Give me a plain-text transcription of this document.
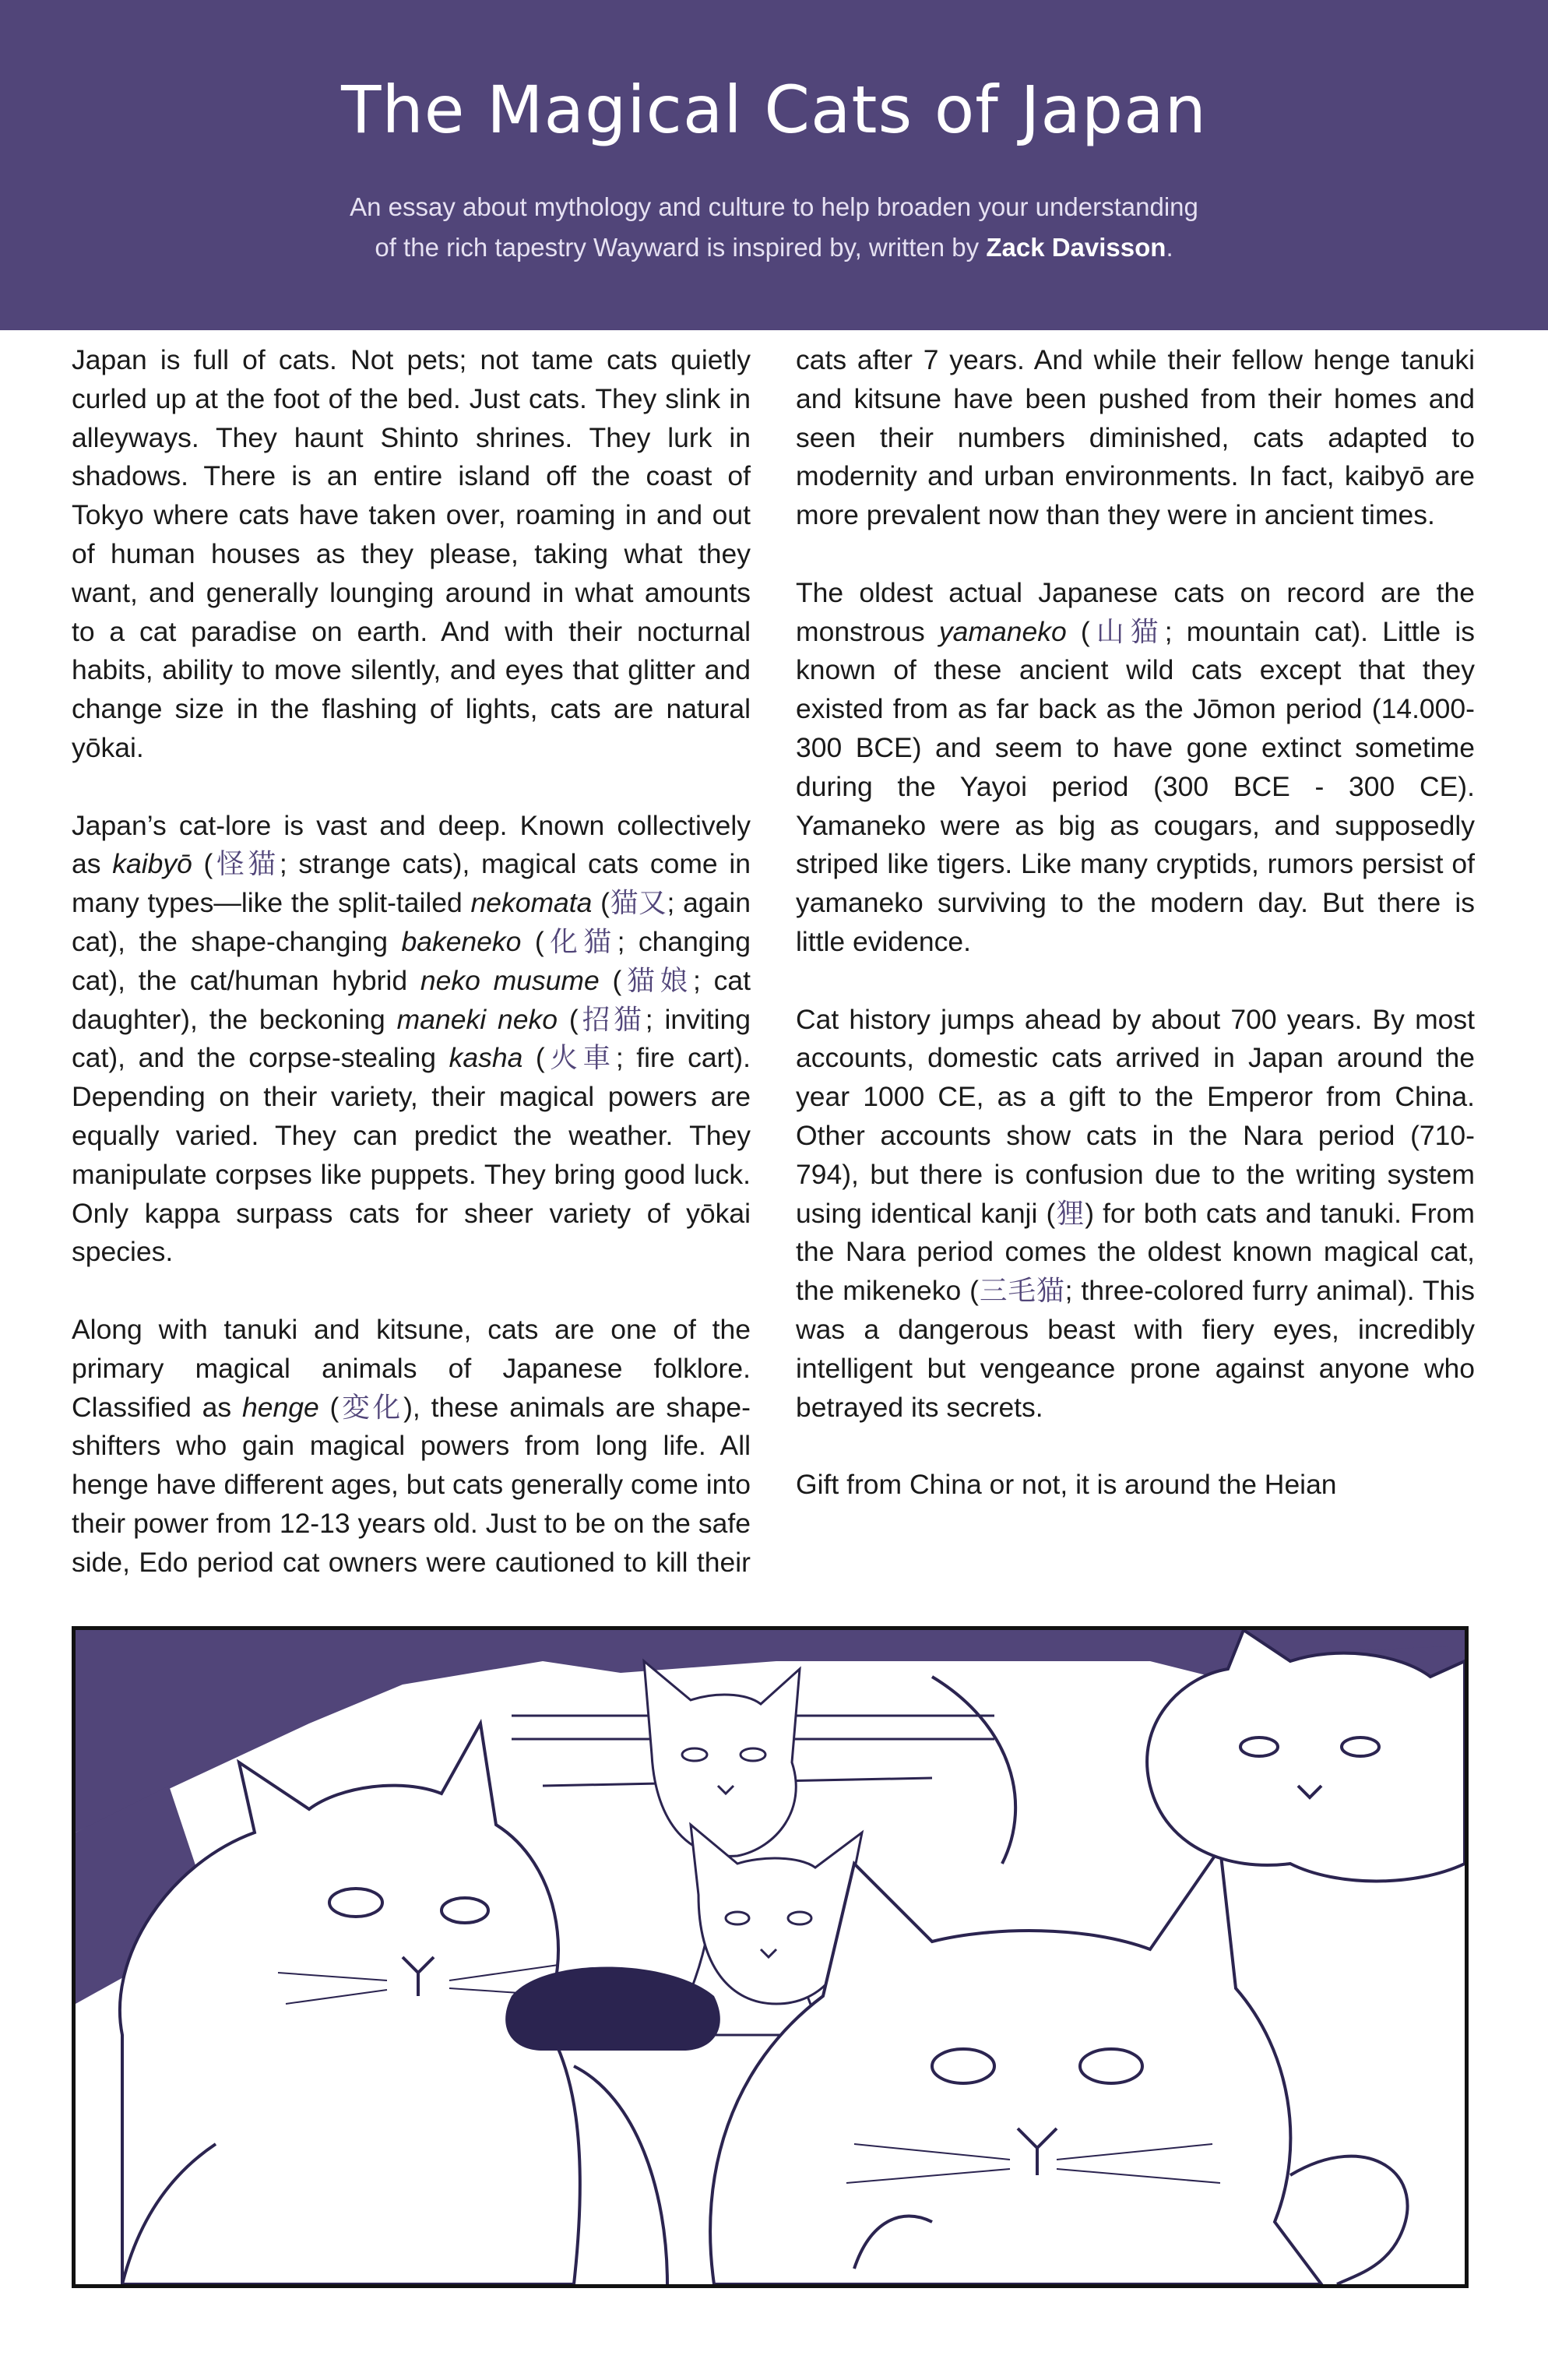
The Magical Cats of Japan
An essay about mythology and culture to help broaden your understanding
of the rich tapestry Wayward is inspired by, written by Zack Davisson.

Japan is full of cats. Not pets; not tame cats quietly curled up at the foot of the bed. Just cats. They slink in alleyways. They haunt Shinto shrines. They lurk in shadows. There is an entire island off the coast of Tokyo where cats have taken over, roaming in and out of human houses as they please, taking what they want, and generally lounging around in what amounts to a cat paradise on earth. And with their nocturnal habits, ability to move silently, and eyes that glitter and change size in the flashing of lights, cats are natural yōkai.

Japan’s cat-lore is vast and deep. Known collectively as kaibyō (怪猫; strange cats), magical cats come in many types—like the split-tailed nekomata (猫又; again cat), the shape-changing bakeneko (化猫; changing cat), the cat/human hybrid neko musume (猫娘; cat daughter), the beckoning maneki neko (招猫; inviting cat), and the corpse-stealing kasha (火車; fire cart). Depending on their variety, their magical powers are equally varied. They can predict the weather. They manipulate corpses like puppets. They bring good luck. Only kappa surpass cats for sheer variety of yōkai species.

Along with tanuki and kitsune, cats are one of the primary magical animals of Japanese folklore. Classified as henge (変化), these animals are shape-shifters who gain magical powers from long life. All henge have different ages, but cats generally come into their power from 12-13 years old. Just to be on the safe side, Edo period cat owners were cautioned to kill their

cats after 7 years. And while their fellow henge tanuki and kitsune have been pushed from their homes and seen their numbers diminished, cats adapted to modernity and urban environments. In fact, kaibyō are more prevalent now than they were in ancient times.

The oldest actual Japanese cats on record are the monstrous yamaneko (山猫; mountain cat). Little is known of these ancient wild cats except that they existed from as far back as the Jōmon period (14.000-300 BCE) and seem to have gone extinct sometime during the Yayoi period (300 BCE - 300 CE). Yamaneko were as big as cougars, and supposedly striped like tigers. Like many cryptids, rumors persist of yamaneko surviving to the modern day. But there is little evidence.

Cat history jumps ahead by about 700 years. By most accounts, domestic cats arrived in Japan around the year 1000 CE, as a gift to the Emperor from China. Other accounts show cats in the Nara period (710-794), but there is confusion due to the writing system using identical kanji (狸) for both cats and tanuki. From the Nara period comes the oldest known magical cat, the mikeneko (三毛猫; three-colored furry animal). This was a dangerous beast with fiery eyes, incredibly intelligent but vengeance prone against anyone who betrayed its secrets.

Gift from China or not, it is around the Heian
